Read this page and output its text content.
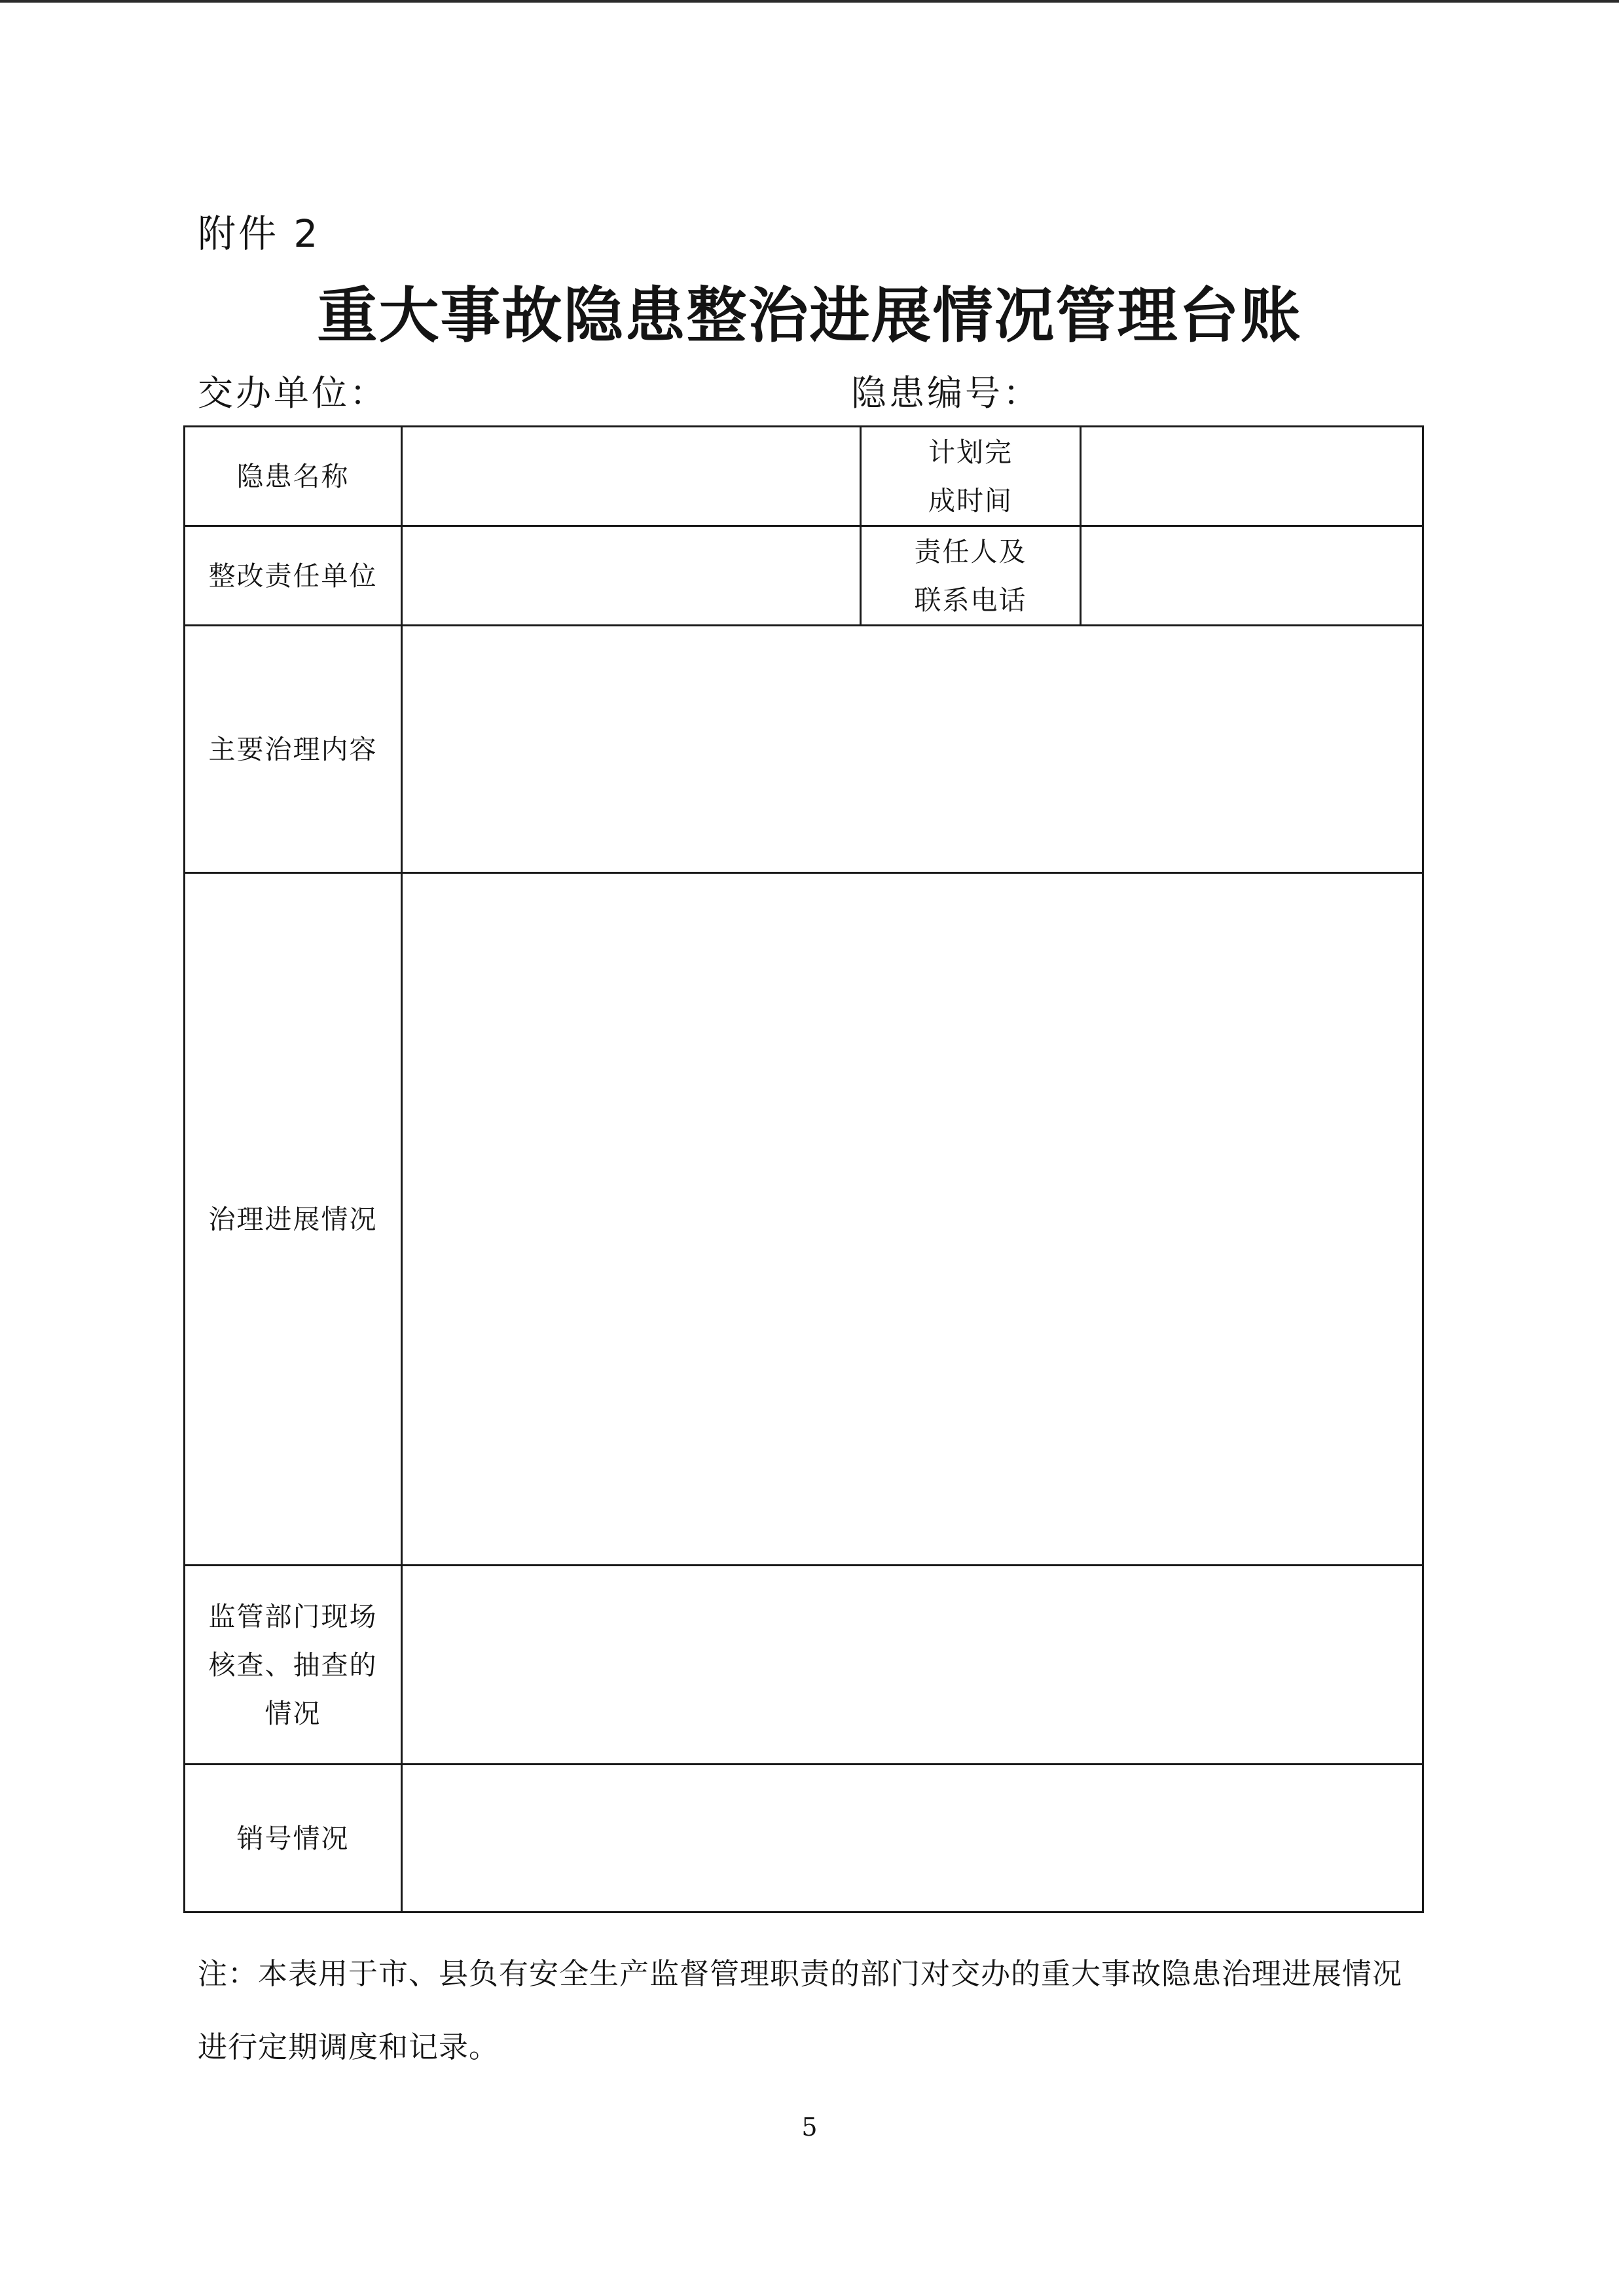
附件 2
重大事故隐患整治进展情况管理台账
交办单位：	隐患编号：
隐患名称		计划完成时间	
整改责任单位		责任人及联系电话	
主要治理内容			
治理进展情况			
监管部门现场核查、抽查的情况			
销号情况			
注：本表用于市、县负有安全生产监督管理职责的部门对交办的重大事故隐患治理进展情况进行定期调度和记录。
5
